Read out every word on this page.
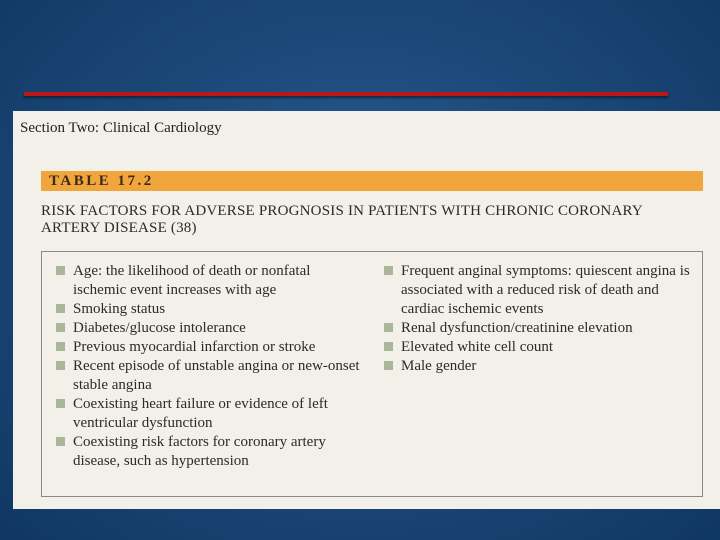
Section Two: Clinical Cardiology
TABLE 17.2
RISK FACTORS FOR ADVERSE PROGNOSIS IN PATIENTS WITH CHRONIC CORONARY ARTERY DISEASE (38)
Age: the likelihood of death or nonfatal ischemic event increases with age
Smoking status
Diabetes/glucose intolerance
Previous myocardial infarction or stroke
Recent episode of unstable angina or new-onset stable angina
Coexisting heart failure or evidence of left ventricular dysfunction
Coexisting risk factors for coronary artery disease, such as hypertension
Frequent anginal symptoms: quiescent angina is associated with a reduced risk of death and cardiac ischemic events
Renal dysfunction/creatinine elevation
Elevated white cell count
Male gender
